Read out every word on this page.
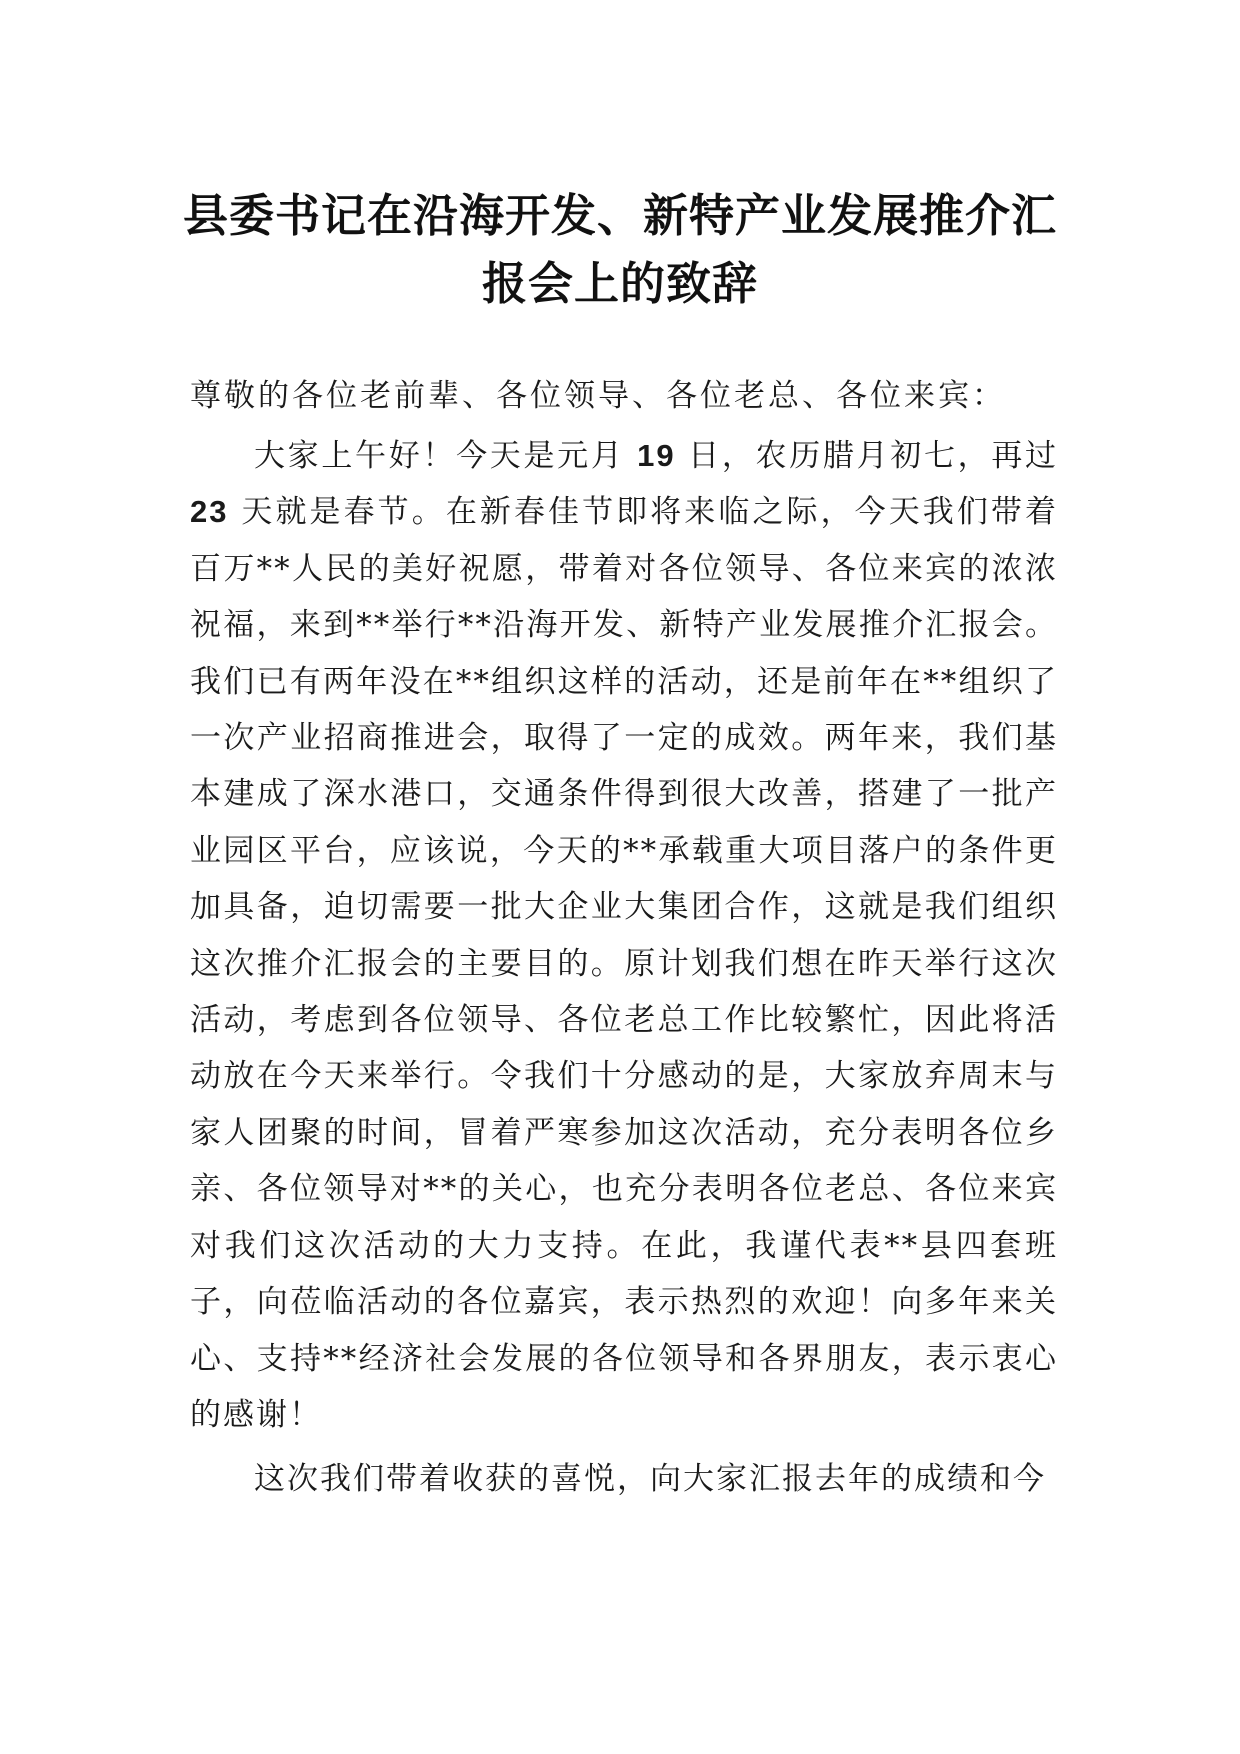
县委书记在沿海开发、新特产业发展推介汇
报会上的致辞

尊敬的各位老前辈、各位领导、各位老总、各位来宾：

大家上午好！今天是元月 19 日，农历腊月初七，再过 23 天就是春节。在新春佳节即将来临之际，今天我们带着百万**人民的美好祝愿，带着对各位领导、各位来宾的浓浓祝福，来到**举行**沿海开发、新特产业发展推介汇报会。我们已有两年没在**组织这样的活动，还是前年在**组织了一次产业招商推进会，取得了一定的成效。两年来，我们基本建成了深水港口，交通条件得到很大改善，搭建了一批产业园区平台，应该说，今天的**承载重大项目落户的条件更加具备，迫切需要一批大企业大集团合作，这就是我们组织这次推介汇报会的主要目的。原计划我们想在昨天举行这次活动，考虑到各位领导、各位老总工作比较繁忙，因此将活动放在今天来举行。令我们十分感动的是，大家放弃周末与家人团聚的时间，冒着严寒参加这次活动，充分表明各位乡亲、各位领导对**的关心，也充分表明各位老总、各位来宾对我们这次活动的大力支持。在此，我谨代表**县四套班子，向莅临活动的各位嘉宾，表示热烈的欢迎！向多年来关心、支持**经济社会发展的各位领导和各界朋友，表示衷心的感谢！

这次我们带着收获的喜悦，向大家汇报去年的成绩和今
